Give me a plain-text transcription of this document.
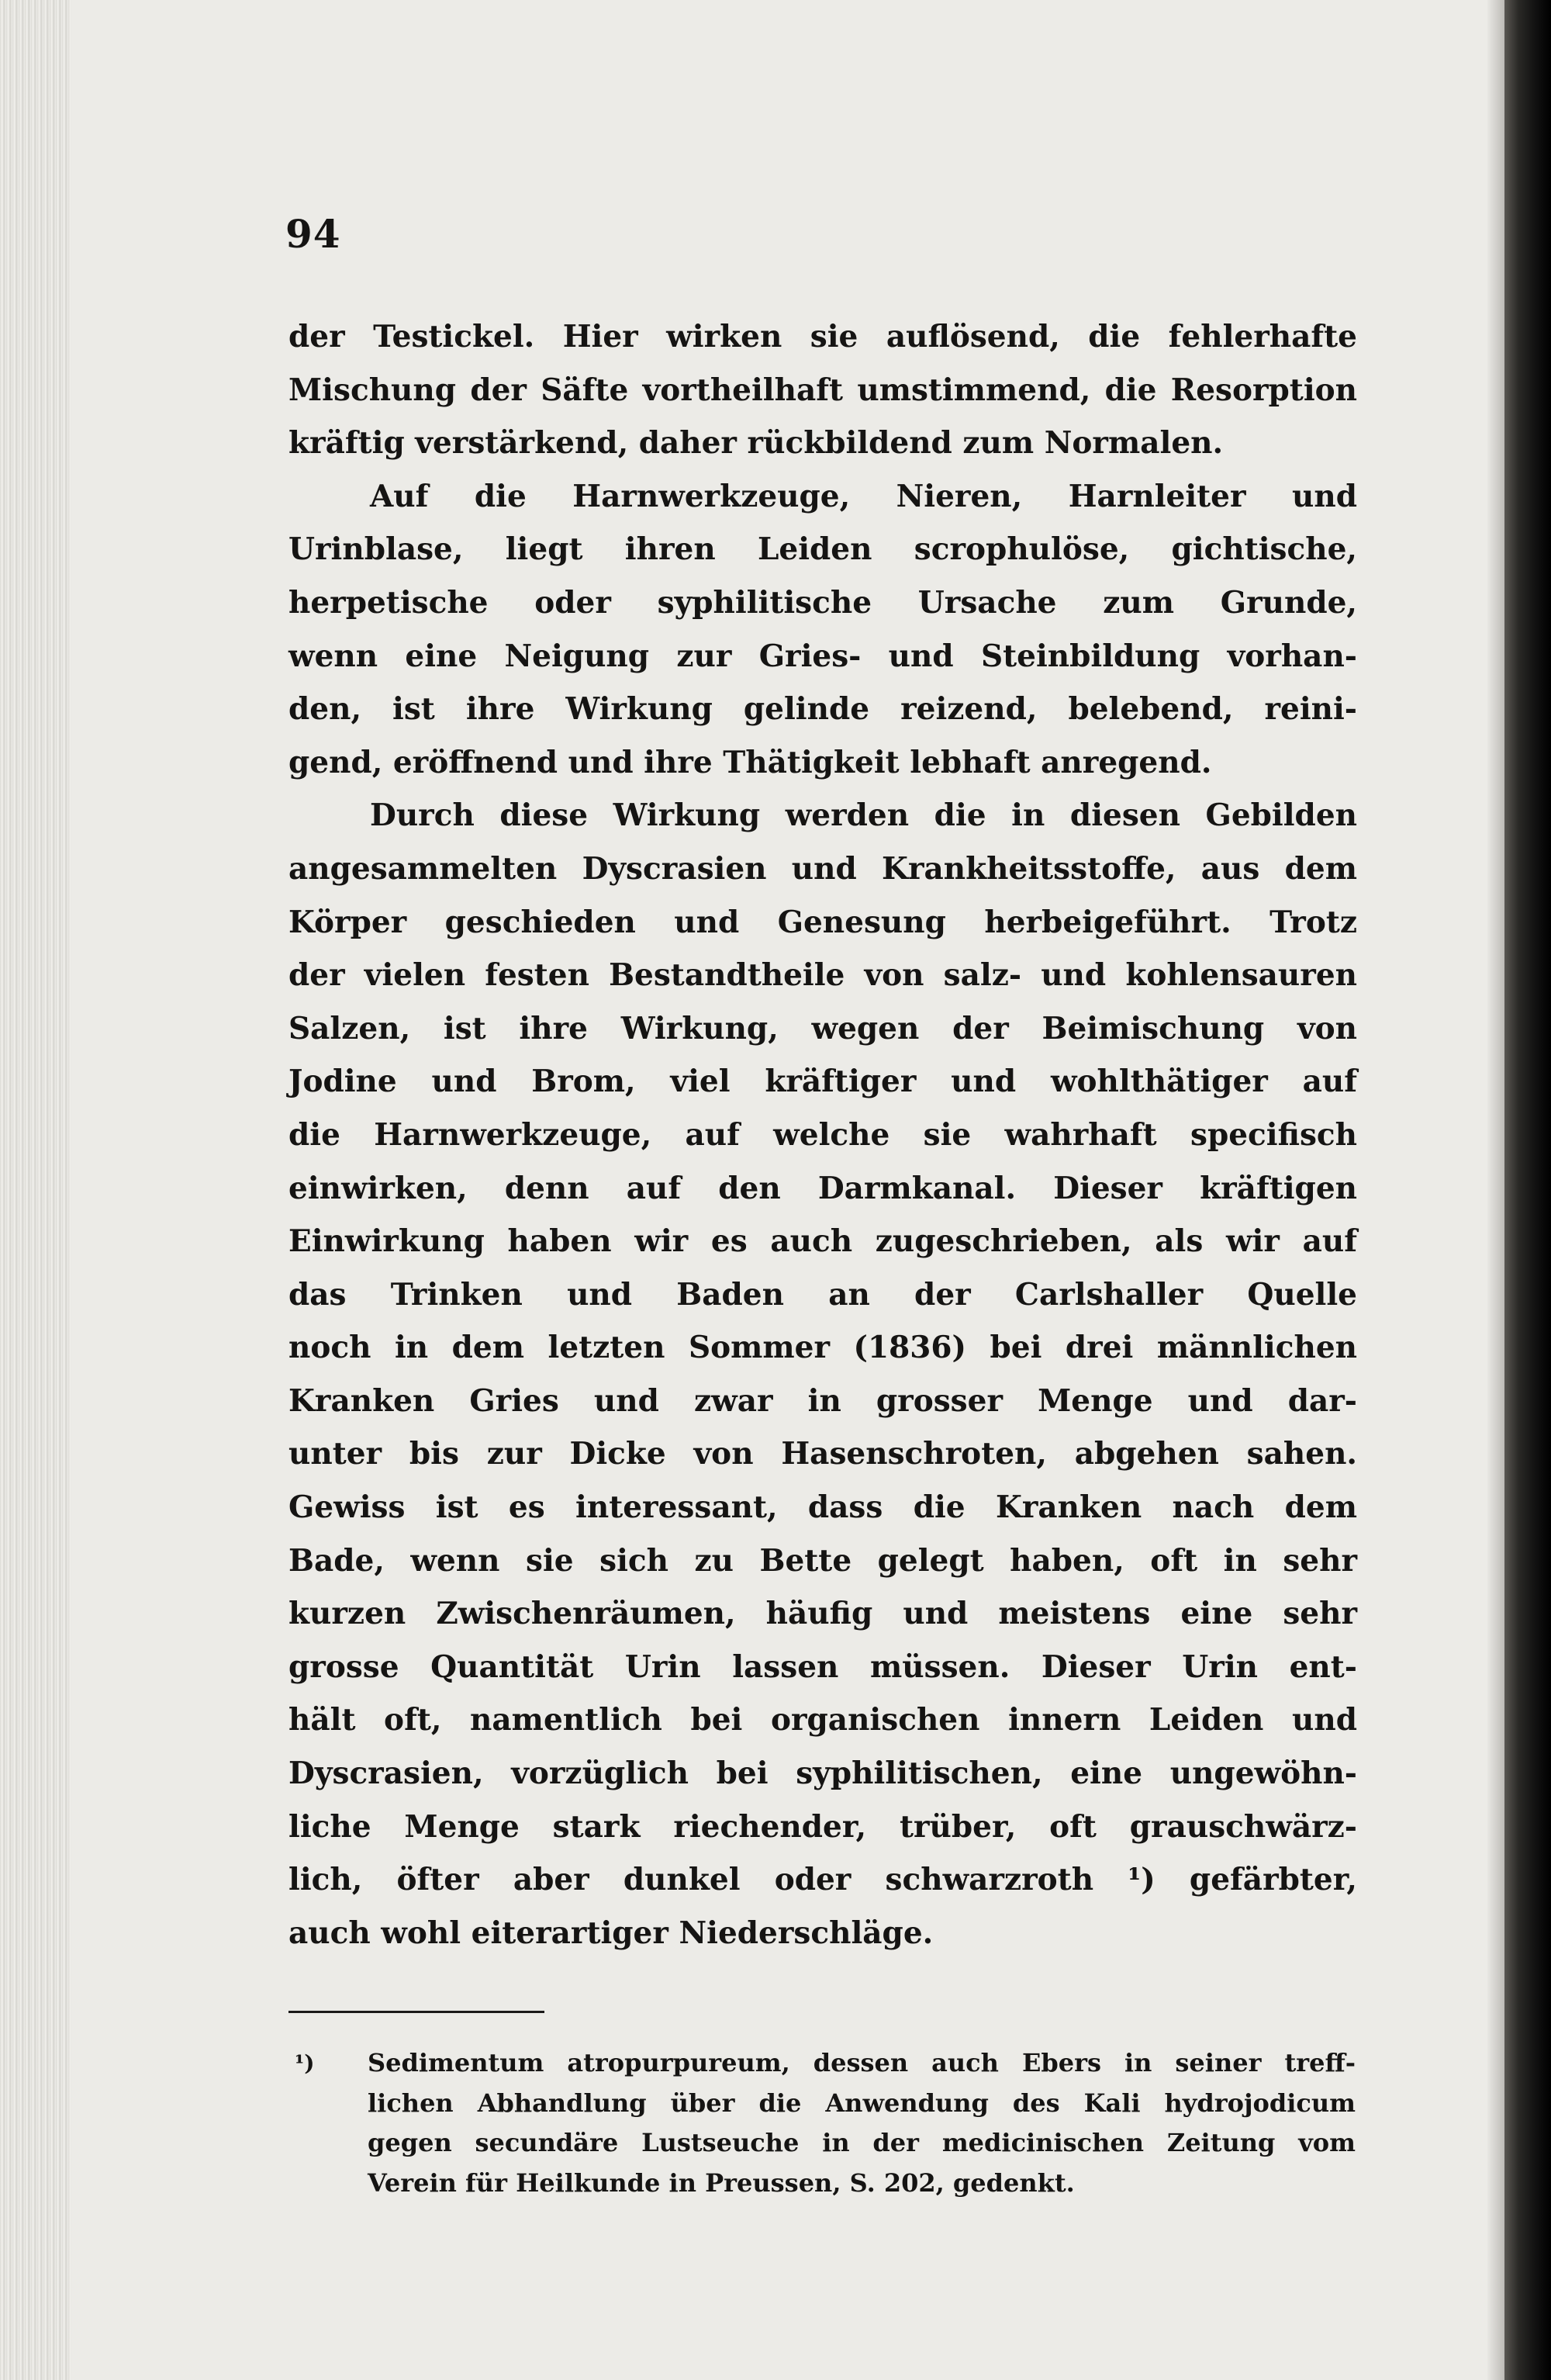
94
der Testickel. Hier wirken sie auflösend, die fehlerhafte
Mischung der Säfte vortheilhaft umstimmend, die Resorption
kräftig verstärkend, daher rückbildend zum Normalen.
Auf die Harnwerkzeuge, Nieren, Harnleiter und
Urinblase, liegt ihren Leiden scrophulöse, gichtische,
herpetische oder syphilitische Ursache zum Grunde,
wenn eine Neigung zur Gries- und Steinbildung vorhan-
den, ist ihre Wirkung gelinde reizend, belebend, reini-
gend, eröffnend und ihre Thätigkeit lebhaft anregend.
Durch diese Wirkung werden die in diesen Gebilden
angesammelten Dyscrasien und Krankheitsstoffe, aus dem
Körper geschieden und Genesung herbeigeführt. Trotz
der vielen festen Bestandtheile von salz- und kohlensauren
Salzen, ist ihre Wirkung, wegen der Beimischung von
Jodine und Brom, viel kräftiger und wohlthätiger auf
die Harnwerkzeuge, auf welche sie wahrhaft specifisch
einwirken, denn auf den Darmkanal. Dieser kräftigen
Einwirkung haben wir es auch zugeschrieben, als wir auf
das Trinken und Baden an der Carlshaller Quelle
noch in dem letzten Sommer (1836) bei drei männlichen
Kranken Gries und zwar in grosser Menge und dar-
unter bis zur Dicke von Hasenschroten, abgehen sahen.
Gewiss ist es interessant, dass die Kranken nach dem
Bade, wenn sie sich zu Bette gelegt haben, oft in sehr
kurzen Zwischenräumen, häufig und meistens eine sehr
grosse Quantität Urin lassen müssen. Dieser Urin ent-
hält oft, namentlich bei organischen innern Leiden und
Dyscrasien, vorzüglich bei syphilitischen, eine ungewöhn-
liche Menge stark riechender, trüber, oft grauschwärz-
lich, öfter aber dunkel oder schwarzroth ¹) gefärbter,
auch wohl eiterartiger Niederschläge.
¹) Sedimentum atropurpureum, dessen auch Ebers in seiner treff-
lichen Abhandlung über die Anwendung des Kali hydrojodicum
gegen secundäre Lustseuche in der medicinischen Zeitung vom
Verein für Heilkunde in Preussen, S. 202, gedenkt.
